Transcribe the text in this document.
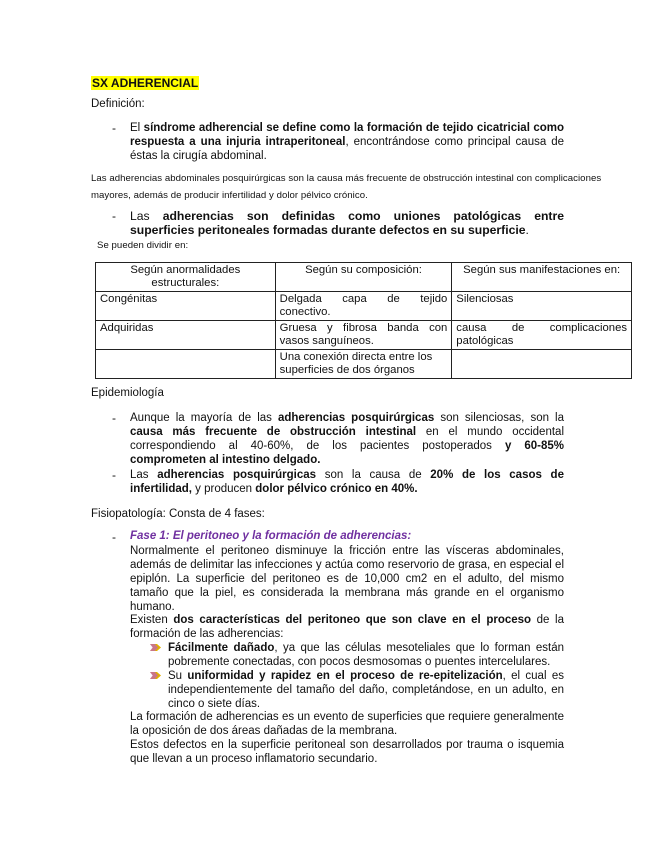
SX ADHERENCIAL
Definición:
- El síndrome adherencial se define como la formación de tejido cicatricial como respuesta a una injuria intraperitoneal, encontrándose como principal causa de éstas la cirugía abdominal.
Las adherencias abdominales posquirúrgicas son la causa más frecuente de obstrucción intestinal con complicaciones mayores, además de producir infertilidad y dolor pélvico crónico.
- Las adherencias son definidas como uniones patológicas entre superficies peritoneales formadas durante defectos en su superficie.
Se pueden dividir en:
Según anormalidades estructurales:	Según su composición:	Según sus manifestaciones en:
Congénitas	Delgada capa de tejido conectivo.	Silenciosas
Adquiridas	Gruesa y fibrosa banda con vasos sanguíneos.	causa de complicaciones patológicas
	Una conexión directa entre los superficies de dos órganos	
Epidemiología
- Aunque la mayoría de las adherencias posquirúrgicas son silenciosas, son la causa más frecuente de obstrucción intestinal en el mundo occidental correspondiendo al 40-60%, de los pacientes postoperados y 60-85% comprometen al intestino delgado.
- Las adherencias posquirúrgicas son la causa de 20% de los casos de infertilidad, y producen dolor pélvico crónico en 40%.
Fisiopatología: Consta de 4 fases:
- Fase 1: El peritoneo y la formación de adherencias:
Normalmente el peritoneo disminuye la fricción entre las vísceras abdominales, además de delimitar las infecciones y actúa como reservorio de grasa, en especial el epiplón. La superficie del peritoneo es de 10,000 cm2 en el adulto, del mismo tamaño que la piel, es considerada la membrana más grande en el organismo humano.
Existen dos características del peritoneo que son clave en el proceso de la formación de las adherencias:
Fácilmente dañado, ya que las células mesoteliales que lo forman están pobremente conectadas, con pocos desmosomas o puentes intercelulares.
Su uniformidad y rapidez en el proceso de re-epitelización, el cual es independientemente del tamaño del daño, completándose, en un adulto, en cinco o siete días.
La formación de adherencias es un evento de superficies que requiere generalmente la oposición de dos áreas dañadas de la membrana.
Estos defectos en la superficie peritoneal son desarrollados por trauma o isquemia que llevan a un proceso inflamatorio secundario.
